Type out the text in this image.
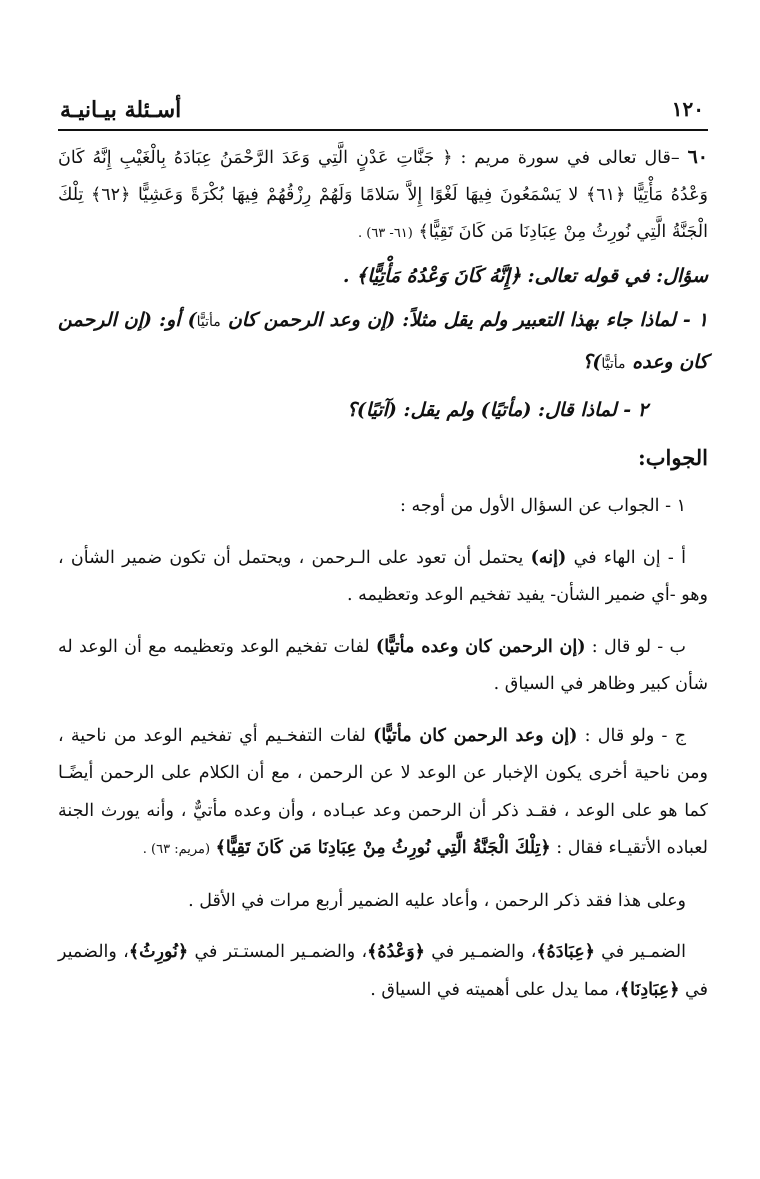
١٢٠
أسـئلة بيـانيـة

٦٠ –قال تعالى في سورة مريم : ﴿ جَنَّاتِ عَدْنٍ الَّتِي وَعَدَ الرَّحْمَنُ عِبَادَهُ بِالْغَيْبِ إِنَّهُ كَانَ وَعْدُهُ مَأْتِيًّا ﴿٦١﴾ لا يَسْمَعُونَ فِيهَا لَغْوًا إِلاَّ سَلامًا وَلَهُمْ رِزْقُهُمْ فِيهَا بُكْرَةً وَعَشِيًّا ﴿٦٢﴾ تِلْكَ الْجَنَّةُ الَّتِي نُورِثُ مِنْ عِبَادِنَا مَن كَانَ تَقِيًّا﴾ (٦١- ٦٣) .

سؤال: في قوله تعالى: ﴿إِنَّهُ كَانَ وَعْدُهُ مَأْتِيًّا﴾ .

١ - لماذا جاء بهذا التعبير ولم يقل مثلاً: (إن وعد الرحمن كان مأتيًّا) أو: (إن الرحمن كان وعده مأتيًّا)؟

٢ - لماذا قال: (مأتيًا) ولم يقل: (آتيًا)؟

الجواب:

١ - الجواب عن السؤال الأول من أوجه :

أ - إن الهاء في (إنه) يحتمل أن تعود على الـرحمن ، ويحتمل أن تكون ضمير الشأن ، وهو -أي ضمير الشأن- يفيد تفخيم الوعد وتعظيمه .

ب - لو قال : (إن الرحمن كان وعده مأتيًّا) لفات تفخيم الوعد وتعظيمه مع أن الوعد له شأن كبير وظاهر في السياق .

ج - ولو قال : (إن وعد الرحمن كان مأتيًّا) لفات التفخـيم أي تفخيم الوعد من ناحية ، ومن ناحية أخرى يكون الإخبار عن الوعد لا عن الرحمن ، مع أن الكلام على الرحمن أيضًـا كما هو على الوعد ، فقـد ذكر أن الرحمن وعد عبـاده ، وأن وعده مأتيٌّ ، وأنه يورث الجنة لعباده الأتقيـاء فقال : ﴿تِلْكَ الْجَنَّةُ الَّتِي نُورِثُ مِنْ عِبَادِنَا مَن كَانَ تَقِيًّا﴾ (مريم: ٦٣) .

وعلى هذا فقد ذكر الرحمن ، وأعاد عليه الضمير أربع مرات في الأقل .

الضمـير في ﴿عِبَادَهُ﴾، والضمـير في ﴿وَعْدُهُ﴾، والضمـير المستـتر في ﴿نُورِثُ﴾، والضمير في ﴿عِبَادِنَا﴾، مما يدل على أهميته في السياق .
